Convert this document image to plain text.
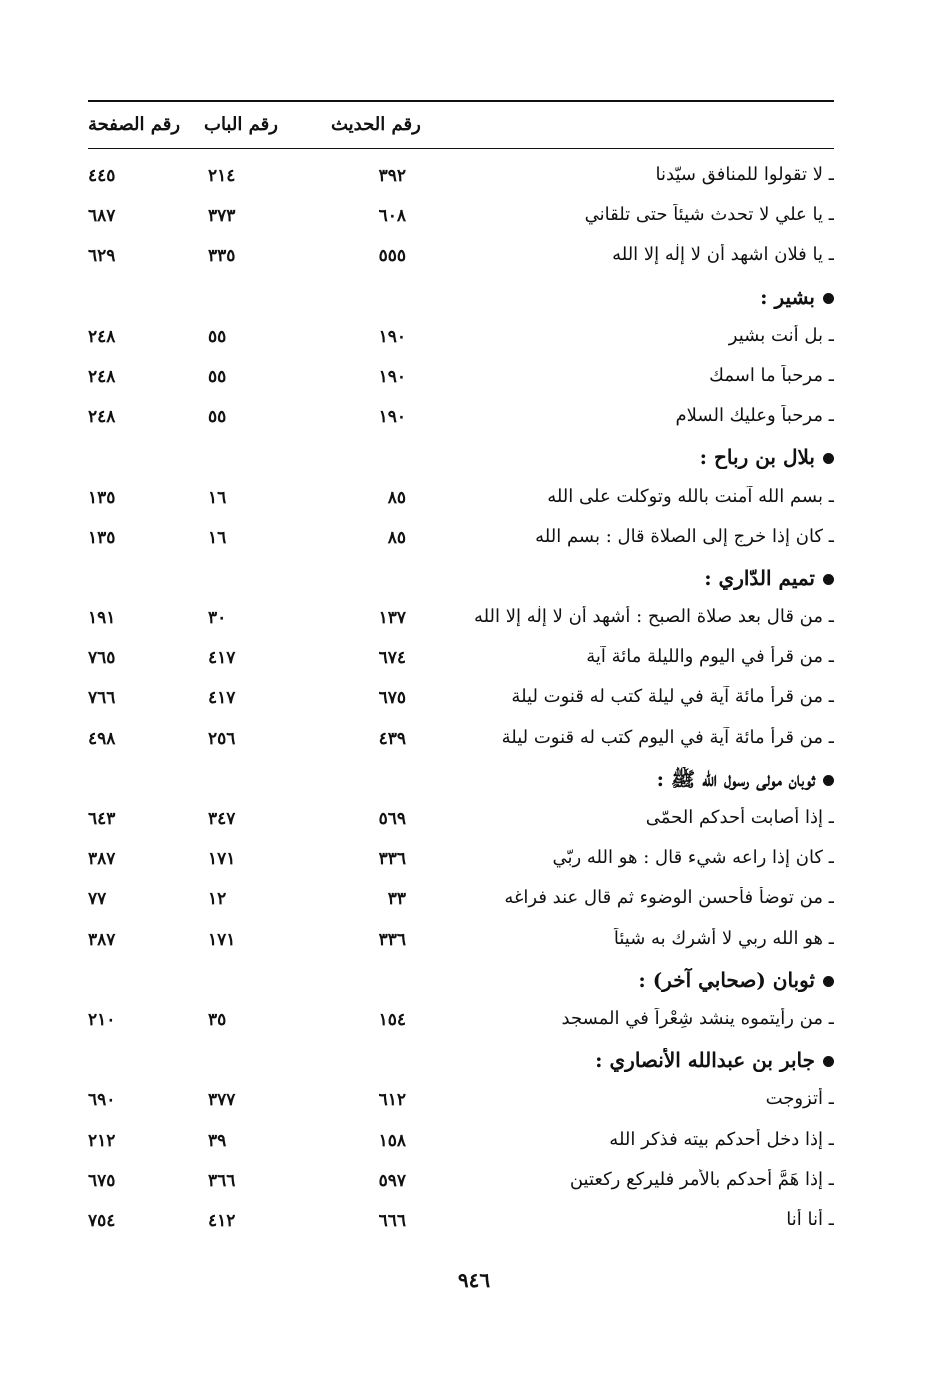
رقم الصفحة رقم الباب	رقم الحديث
ـ لا تقولوا للمنافق سيّدنا
٣٩٢
٢١٤
٤٤٥
ـ يا علي لا تحدث شيئاً حتى تلقاني
٦٠٨
٣٧٣
٦٨٧
ـ يا فلان اشهد أن لا إلٰه إلا الله
٥٥٥
٣٣٥
٦٢٩
بشير :
ـ بل أنت بشير
١٩٠
٥٥
٢٤٨
ـ مرحباً ما اسمك
١٩٠
٥٥
٢٤٨
ـ مرحباً وعليك السلام
١٩٠
٥٥
٢٤٨
بلال بن رباح :
ـ بسم الله آمنت بالله وتوكلت على الله
٨٥
١٦
١٣٥
ـ كان إذا خرج إلى الصلاة قال : بسم الله
٨٥
١٦
١٣٥
تميم الدّاري :
ـ من قال بعد صلاة الصبح : أشهد أن لا إلٰه إلا الله
١٣٧
٣٠
١٩١
ـ من قرأ في اليوم والليلة مائة آية
٦٧٤
٤١٧
٧٦٥
ـ من قرأ مائة آية في ليلة كتب له قنوت ليلة
٦٧٥
٤١٧
٧٦٦
ـ من قرأ مائة آية في اليوم كتب له قنوت ليلة
٤٣٩
٢٥٦
٤٩٨
ثوبان مولى رسول الله ﷺ :
ـ إذا أصابت أحدكم الحمّى
٥٦٩
٣٤٧
٦٤٣
ـ كان إذا راعه شيء قال : هو الله ربّي
٣٣٦
١٧١
٣٨٧
ـ من توضأ فأحسن الوضوء ثم قال عند فراغه
٣٣
١٢
٧٧
ـ هو الله ربي لا أشرك به شيئاً
٣٣٦
١٧١
٣٨٧
ثوبان (صحابي آخر) :
ـ من رأيتموه ينشد شِعْراً في المسجد
١٥٤
٣٥
٢١٠
جابر بن عبدالله الأنصاري :
ـ أتزوجت
٦١٢
٣٧٧
٦٩٠
ـ إذا دخل أحدكم بيته فذكر الله
١٥٨
٣٩
٢١٢
ـ إذا هَمَّ أحدكم بالأمر فليركع ركعتين
٥٩٧
٣٦٦
٦٧٥
ـ أنا أنا
٦٦٦
٤١٢
٧٥٤
٩٤٦
